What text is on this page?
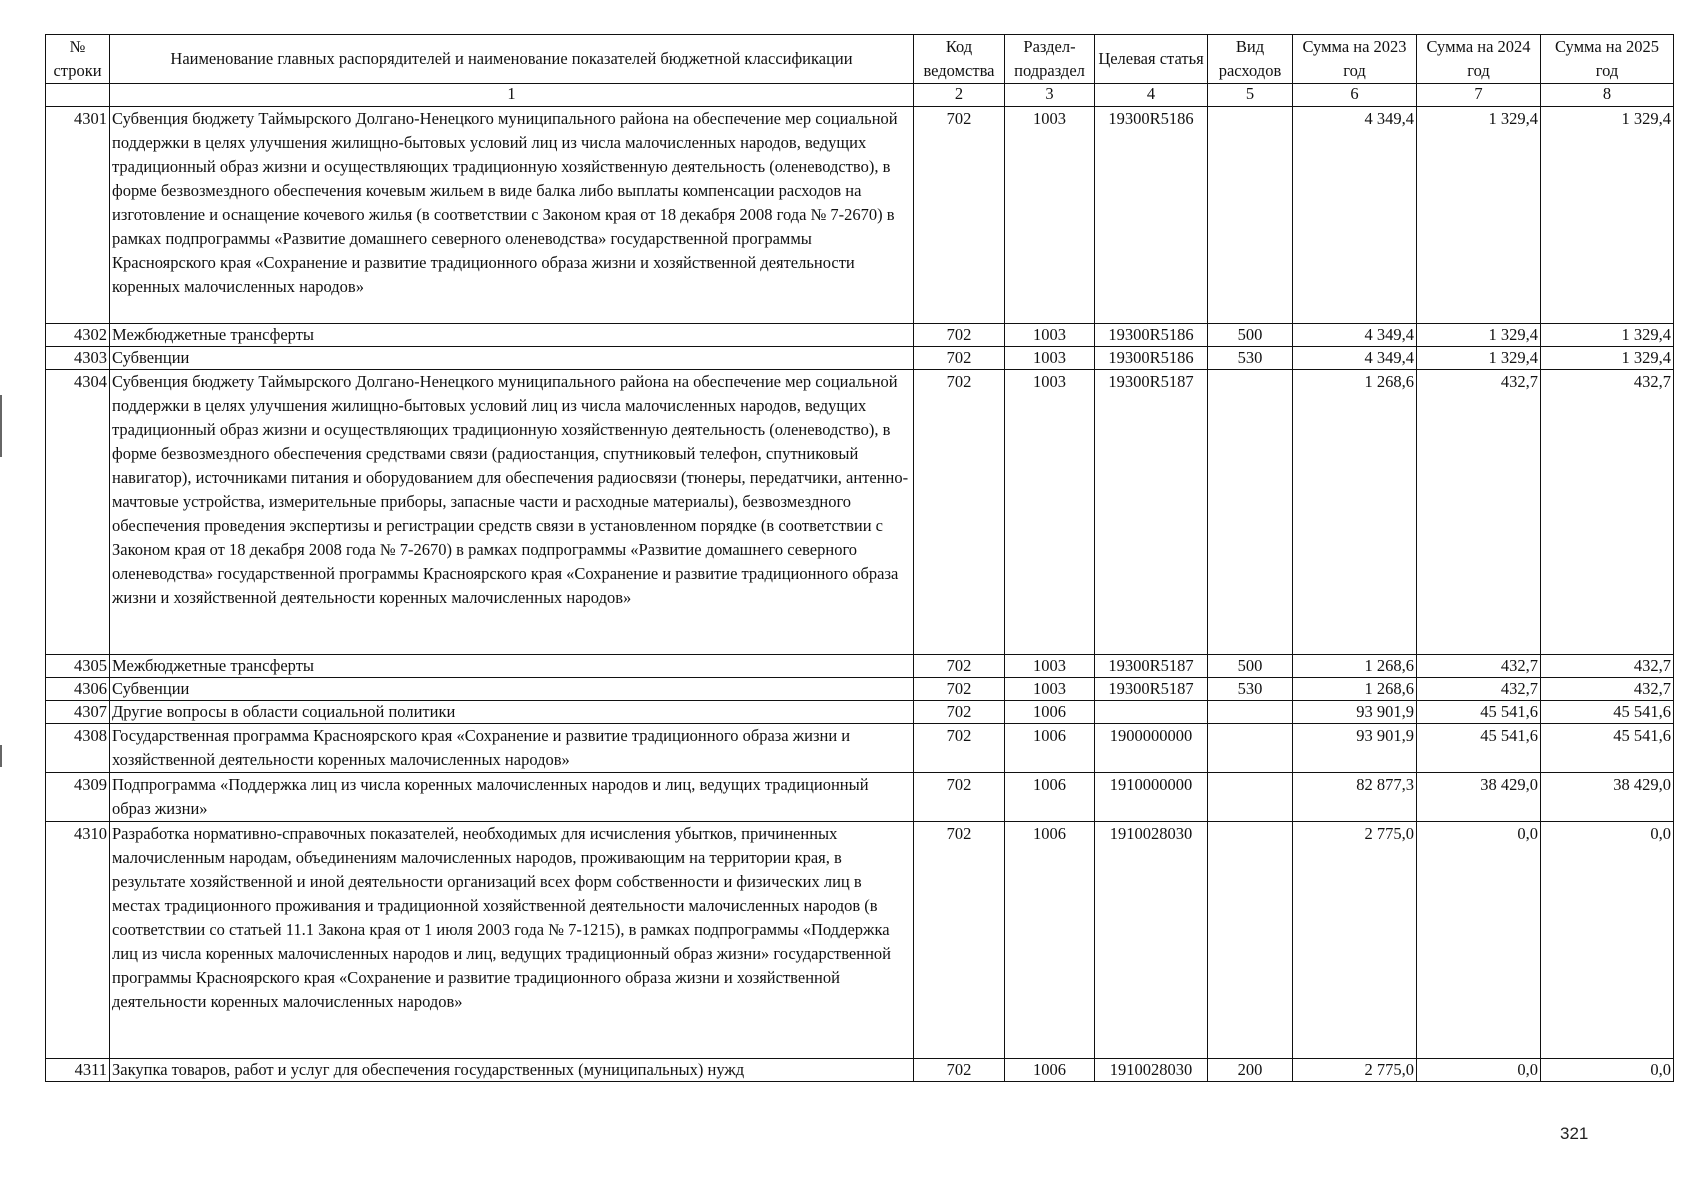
№ строки	Наименование главных распорядителей и наименование показателей бюджетной классификации	Код ведомства	Раздел-подраздел	Целевая статья	Вид расходов	Сумма на 2023 год	Сумма на 2024 год	Сумма на 2025 год
	1	2	3	4	5	6	7	8
4301	Субвенция бюджету Таймырского Долгано-Ненецкого муниципального района на обеспечение мер социальной поддержки в целях улучшения жилищно-бытовых условий лиц из числа малочисленных народов, ведущих традиционный образ жизни и осуществляющих традиционную хозяйственную деятельность (оленеводство), в форме безвозмездного обеспечения кочевым жильем в виде балка либо выплаты компенсации расходов на изготовление и оснащение кочевого жилья (в соответствии с Законом края от 18 декабря 2008 года № 7-2670) в рамках подпрограммы «Развитие домашнего северного оленеводства» государственной программы Красноярского края «Сохранение и развитие традиционного образа жизни и хозяйственной деятельности коренных малочисленных народов»	702	1003	19300R5186		4 349,4	1 329,4	1 329,4
4302	Межбюджетные трансферты	702	1003	19300R5186	500	4 349,4	1 329,4	1 329,4
4303	Субвенции	702	1003	19300R5186	530	4 349,4	1 329,4	1 329,4
4304	Субвенция бюджету Таймырского Долгано-Ненецкого муниципального района на обеспечение мер социальной поддержки в целях улучшения жилищно-бытовых условий лиц из числа малочисленных народов, ведущих традиционный образ жизни и осуществляющих традиционную хозяйственную деятельность (оленеводство), в форме безвозмездного обеспечения средствами связи (радиостанция, спутниковый телефон, спутниковый навигатор), источниками питания и оборудованием для обеспечения радиосвязи (тюнеры, передатчики, антенно-мачтовые устройства, измерительные приборы, запасные части и расходные материалы), безвозмездного обеспечения проведения экспертизы и регистрации средств связи в установленном порядке (в соответствии с Законом края от 18 декабря 2008 года № 7-2670) в рамках подпрограммы «Развитие домашнего северного оленеводства» государственной программы Красноярского края «Сохранение и развитие традиционного образа жизни и хозяйственной деятельности коренных малочисленных народов»	702	1003	19300R5187		1 268,6	432,7	432,7
4305	Межбюджетные трансферты	702	1003	19300R5187	500	1 268,6	432,7	432,7
4306	Субвенции	702	1003	19300R5187	530	1 268,6	432,7	432,7
4307	Другие вопросы в области социальной политики	702	1006			93 901,9	45 541,6	45 541,6
4308	Государственная программа Красноярского края «Сохранение и развитие традиционного образа жизни и хозяйственной деятельности коренных малочисленных народов»	702	1006	1900000000		93 901,9	45 541,6	45 541,6
4309	Подпрограмма «Поддержка лиц из числа коренных малочисленных народов и лиц, ведущих традиционный образ жизни»	702	1006	1910000000		82 877,3	38 429,0	38 429,0
4310	Разработка нормативно-справочных показателей, необходимых для исчисления убытков, причиненных малочисленным народам, объединениям малочисленных народов, проживающим на территории края, в результате хозяйственной и иной деятельности организаций всех форм собственности и физических лиц в местах традиционного проживания и традиционной хозяйственной деятельности малочисленных народов (в соответствии со статьей 11.1 Закона края от 1 июля 2003 года № 7-1215), в рамках подпрограммы «Поддержка лиц из числа коренных малочисленных народов и лиц, ведущих традиционный образ жизни» государственной программы Красноярского края «Сохранение и развитие традиционного образа жизни и хозяйственной деятельности коренных малочисленных народов»	702	1006	1910028030		2 775,0	0,0	0,0
4311	Закупка товаров, работ и услуг для обеспечения государственных (муниципальных) нужд	702	1006	1910028030	200	2 775,0	0,0	0,0
321
